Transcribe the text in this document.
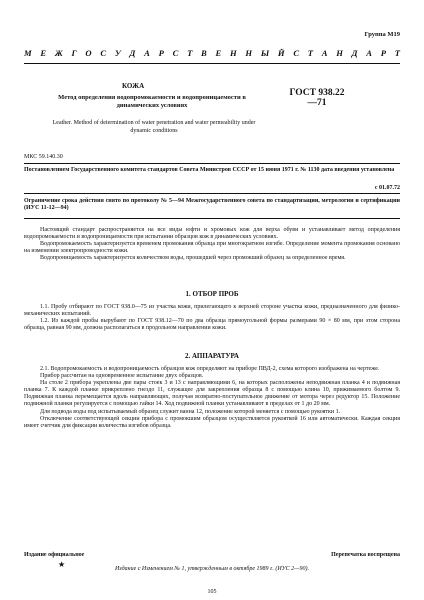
Группа М19
М Е Ж Г О С У Д А Р С Т В Е Н Н Ы Й С Т А Н Д А Р Т
КОЖА
Метод определения водопромокаемости и водопроницаемости в динамических условиях
ГОСТ 938.22—71
Leather. Method of determination of water penetration and water permeability under dynamic conditions
МКС 59.140.30
Постановлением Государственного комитета стандартов Совета Министров СССР от 15 июня 1971 г. № 1130 дата введения установлена
с 01.07.72
Ограничение срока действия снято по протоколу № 5—94 Межгосударственного совета по стандартизации, метрологии и сертификации (ИУС 11-12—94)

Настоящий стандарт распространяется на все виды юфти и хромовых кож для верха обуви и устанавливает метод определения водопромокаемости и водопроницаемости при испытании образцов кож в динамических условиях.

Водопромокаемость характеризуется временем промокания образца при многократном изгибе. Определение момента промокания основано на изменении электропроводности кожи.

Водопроницаемость характеризуется количеством воды, прошедшей через промокший образец за определенное время.

1. ОТБОР ПРОБ

1.1. Пробу отбирают по ГОСТ 938.0—75 из участка кожи, прилегающего к верхней стороне участка кожи, предназначенного для физико-механических испытаний.

1.2. Из каждой пробы вырубают по ГОСТ 938.12—70 по два образца прямоугольной формы размерами 90 × 80 мм, при этом сторона образца, равная 90 мм, должна располагаться в продольном направлении кожи.

2. АППАРАТУРА

2.1. Водопромокаемость и водопроницаемость образцов кож определяют на приборе ПВД-2, схема которого изображена на чертеже.

Прибор рассчитан на одновременное испытание двух образцов.

На столе 2 прибора укреплены две пары стоек 3 и 13 с направляющими 6, на которых расположены неподвижная планка 4 и подвижная планка 7. К каждой планке прикреплено гнездо 11, служащее для закрепления образца 8 с помощью клина 10, прижимаемого болтом 9. Подвижная планка перемещается вдоль направляющих, получая возвратно-поступательное движение от мотора через редуктор 15. Положение подвижной планки регулируется с помощью гайки 14. Ход подвижной планки устанавливают в пределах от 1 до 20 мм.

Для подвода воды под испытываемый образец служит ванна 12, положение которой меняется с помощью рукоятки 1.

Отключение соответствующей секции прибора с промокшим образцом осуществляется рукояткой 16 или автоматически. Каждая секция имеет счетчик для фиксации количества изгибов образца.

Издание официальное
★
Перепечатка воспрещена
Издание с Изменением № 1, утвержденным в октябре 1989 г. (ИУС 2—90).
105
